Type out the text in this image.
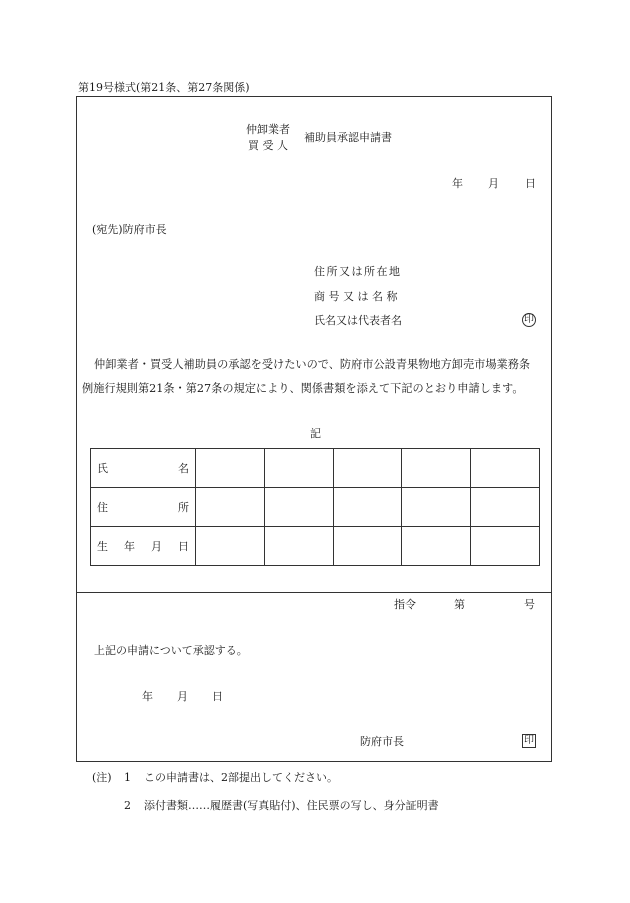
第19号様式(第21条、第27条関係)
仲卸業者
買 受 人
補助員承認申請書
年 月 日
(宛先)防府市長
住所又は所在地
商 号 又 は 名 称
氏名又は代表者名	印
仲卸業者・買受人補助員の承認を受けたいので、防府市公設青果物地方卸売市場業務条
例施行規則第21条・第27条の規定により、関係書類を添えて下記のとおり申請します。
記
氏 名					

住 所					

生 年 月 日					

指令	第	号
上記の申請について承認する。
年 月 日
防府市長	印
(注) 1 この申請書は、2部提出してください。
2 添付書類……履歴書(写真貼付)、住民票の写し、身分証明書
